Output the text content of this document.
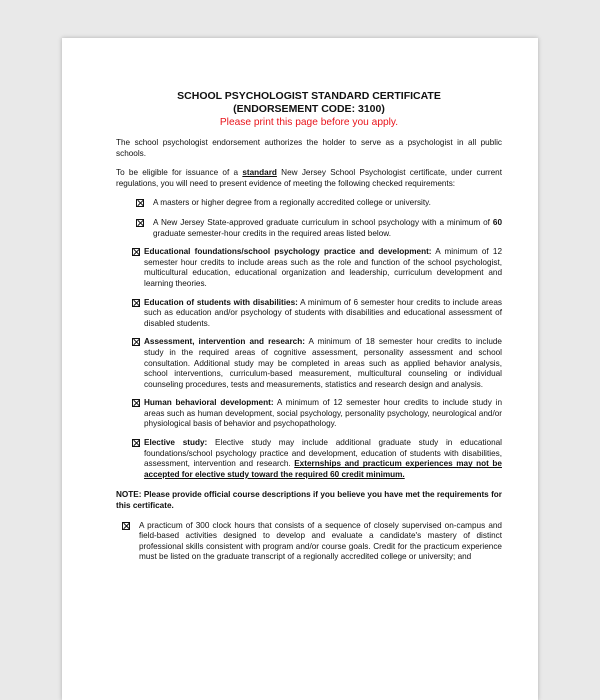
SCHOOL PSYCHOLOGIST STANDARD CERTIFICATE
(ENDORSEMENT CODE: 3100)
Please print this page before you apply.

The school psychologist endorsement authorizes the holder to serve as a psychologist in all public schools.

To be eligible for issuance of a standard New Jersey School Psychologist certificate, under current regulations, you will need to present evidence of meeting the following checked requirements:

A masters or higher degree from a regionally accredited college or university.
A New Jersey State-approved graduate curriculum in school psychology with a minimum of 60 graduate semester-hour credits in the required areas listed below.
Educational foundations/school psychology practice and development: A minimum of 12 semester hour credits to include areas such as the role and function of the school psychologist, multicultural education, educational organization and leadership, curriculum development and learning theories.
Education of students with disabilities: A minimum of 6 semester hour credits to include areas such as education and/or psychology of students with disabilities and educational assessment of disabled students.
Assessment, intervention and research: A minimum of 18 semester hour credits to include study in the required areas of cognitive assessment, personality assessment and school consultation. Additional study may be completed in areas such as applied behavior analysis, school interventions, curriculum-based measurement, multicultural counseling or individual counseling procedures, tests and measurements, statistics and research design and analysis.
Human behavioral development: A minimum of 12 semester hour credits to include study in areas such as human development, social psychology, personality psychology, neurological and/or physiological basis of behavior and psychopathology.
Elective study: Elective study may include additional graduate study in educational foundations/school psychology practice and development, education of students with disabilities, assessment, intervention and research. Externships and practicum experiences may not be accepted for elective study toward the required 60 credit minimum.

NOTE: Please provide official course descriptions if you believe you have met the requirements for this certificate.

A practicum of 300 clock hours that consists of a sequence of closely supervised on-campus and field-based activities designed to develop and evaluate a candidate's mastery of distinct professional skills consistent with program and/or course goals. Credit for the practicum experience must be listed on the graduate transcript of a regionally accredited college or university; and
